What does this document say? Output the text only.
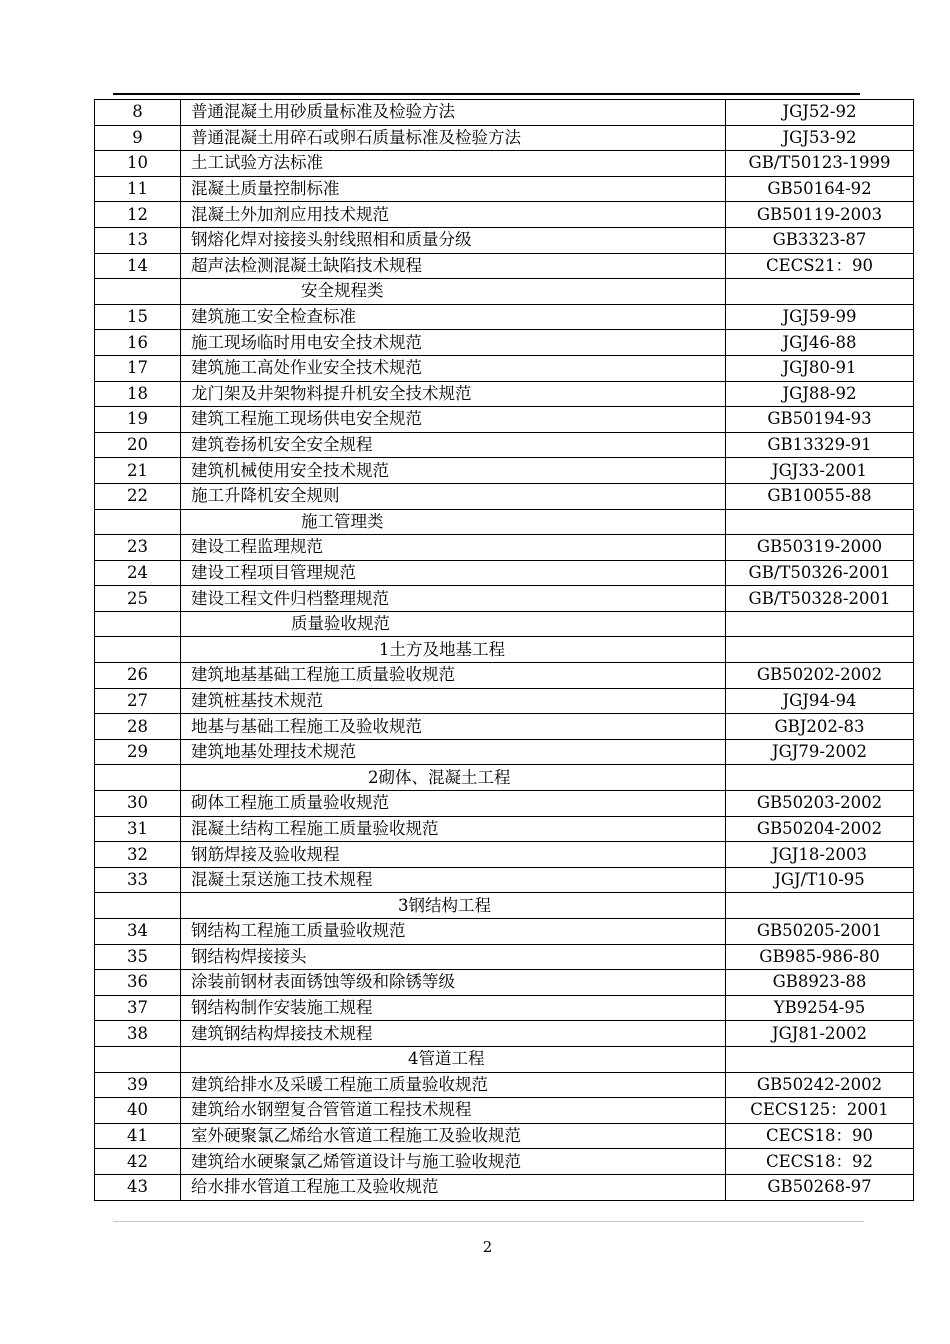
8	普通混凝土用砂质量标准及检验方法	JGJ52-92
9	普通混凝土用碎石或卵石质量标准及检验方法	JGJ53-92
10	土工试验方法标准	GB/T50123-1999
11	混凝土质量控制标准	GB50164-92
12	混凝土外加剂应用技术规范	GB50119-2003
13	钢熔化焊对接接头射线照相和质量分级	GB3323-87
14	超声法检测混凝土缺陷技术规程	CECS21：90
	安全规程类	
15	建筑施工安全检查标准	JGJ59-99
16	施工现场临时用电安全技术规范	JGJ46-88
17	建筑施工高处作业安全技术规范	JGJ80-91
18	龙门架及井架物料提升机安全技术规范	JGJ88-92
19	建筑工程施工现场供电安全规范	GB50194-93
20	建筑卷扬机安全安全规程	GB13329-91
21	建筑机械使用安全技术规范	JGJ33-2001
22	施工升降机安全规则	GB10055-88
	施工管理类	
23	建设工程监理规范	GB50319-2000
24	建设工程项目管理规范	GB/T50326-2001
25	建设工程文件归档整理规范	GB/T50328-2001
	质量验收规范	
	1土方及地基工程	
26	建筑地基基础工程施工质量验收规范	GB50202-2002
27	建筑桩基技术规范	JGJ94-94
28	地基与基础工程施工及验收规范	GBJ202-83
29	建筑地基处理技术规范	JGJ79-2002
	2砌体、混凝土工程	
30	砌体工程施工质量验收规范	GB50203-2002
31	混凝土结构工程施工质量验收规范	GB50204-2002
32	钢筋焊接及验收规程	JGJ18-2003
33	混凝土泵送施工技术规程	JGJ/T10-95
	3钢结构工程	
34	钢结构工程施工质量验收规范	GB50205-2001
35	钢结构焊接接头	GB985-986-80
36	涂装前钢材表面锈蚀等级和除锈等级	GB8923-88
37	钢结构制作安装施工规程	YB9254-95
38	建筑钢结构焊接技术规程	JGJ81-2002
	4管道工程	
39	建筑给排水及采暖工程施工质量验收规范	GB50242-2002
40	建筑给水钢塑复合管管道工程技术规程	CECS125：2001
41	室外硬聚氯乙烯给水管道工程施工及验收规范	CECS18：90
42	建筑给水硬聚氯乙烯管道设计与施工验收规范	CECS18：92
43	给水排水管道工程施工及验收规范	GB50268-97
2
